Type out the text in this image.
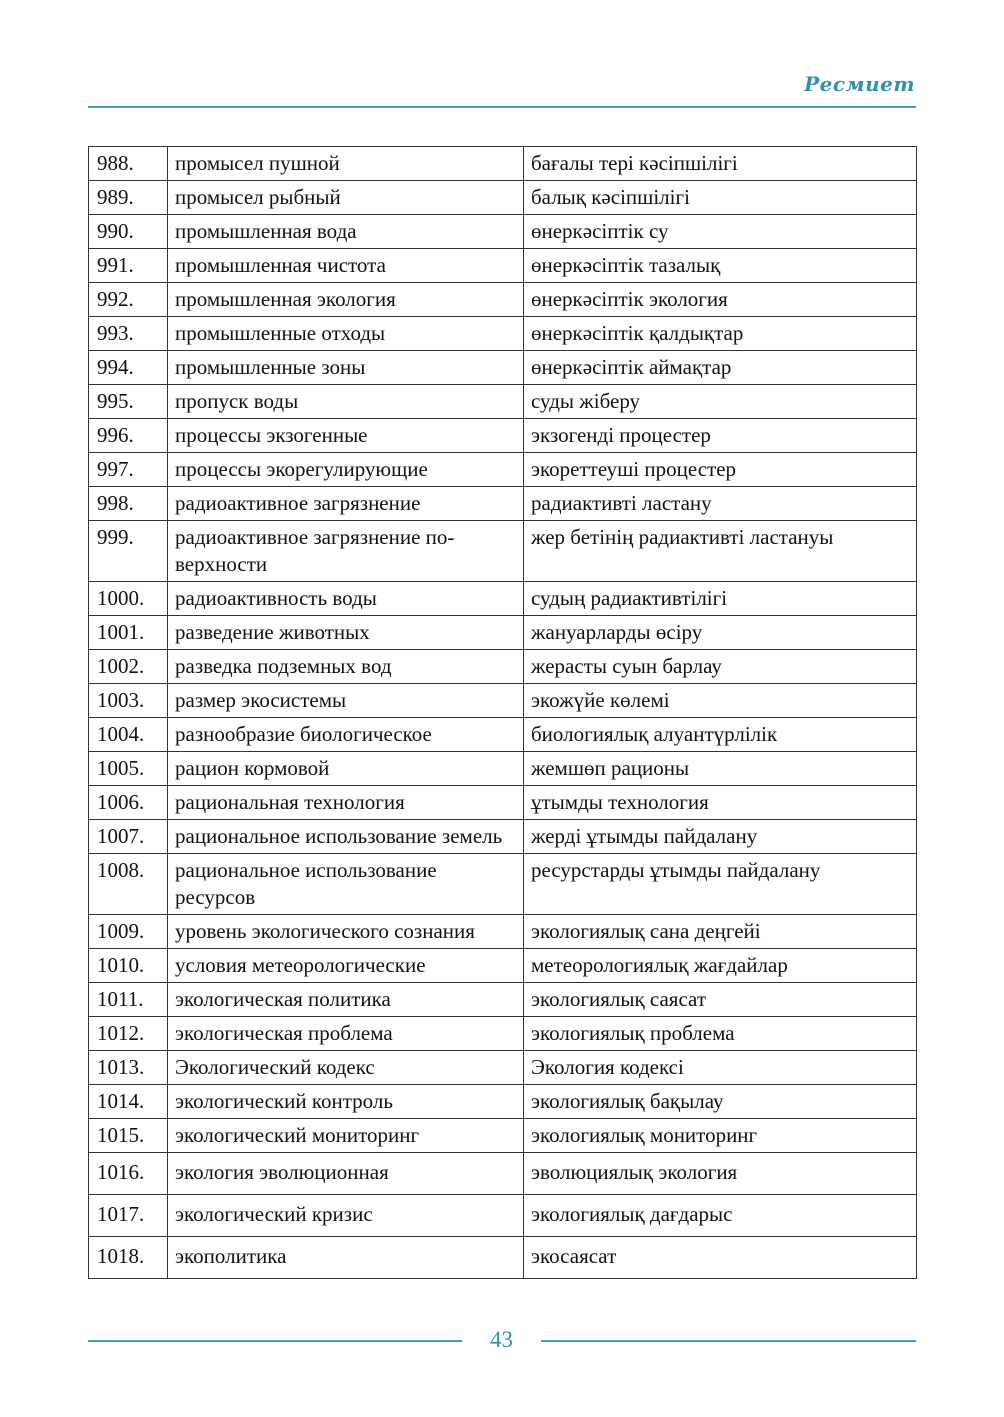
Ресмиет
988.	промысел пушной	бағалы тері кәсіпшілігі
989.	промысел рыбный	балық кәсіпшілігі
990.	промышленная вода	өнеркәсіптік су
991.	промышленная чистота	өнеркәсіптік тазалық
992.	промышленная экология	өнеркәсіптік экология
993.	промышленные отходы	өнеркәсіптік қалдықтар
994.	промышленные зоны	өнеркәсіптік аймақтар
995.	пропуск воды	суды жіберу
996.	процессы экзогенные	экзогенді процестер
997.	процессы экорегулирующие	экореттеуші процестер
998.	радиоактивное загрязнение	радиактивті ластану
999.	радиоактивное загрязнение по-верхности	жер бетінің радиактивті ластануы
1000.	радиоактивность воды	судың радиактивтілігі
1001.	разведение животных	жануарларды өсіру
1002.	разведка подземных вод	жерасты суын барлау
1003.	размер экосистемы	экожүйе көлемі
1004.	разнообразие биологическое	биологиялық алуантүрлілік
1005.	рацион кормовой	жемшөп рационы
1006.	рациональная технология	ұтымды технология
1007.	рациональное использование земель	жерді ұтымды пайдалану
1008.	рациональное использование ресурсов	ресурстарды ұтымды пайдалану
1009.	уровень экологического сознания	экологиялық сана деңгейі
1010.	условия метеорологические	метеорологиялық жағдайлар
1011.	экологическая политика	экологиялық саясат
1012.	экологическая проблема	экологиялық проблема
1013.	Экологический кодекс	Экология кодексі
1014.	экологический контроль	экологиялық бақылау
1015.	экологический мониторинг	экологиялық мониторинг
1016.	экология эволюционная	эволюциялық экология
1017.	экологический кризис	экологиялық дағдарыс
1018.	экополитика	экосаясат
43
